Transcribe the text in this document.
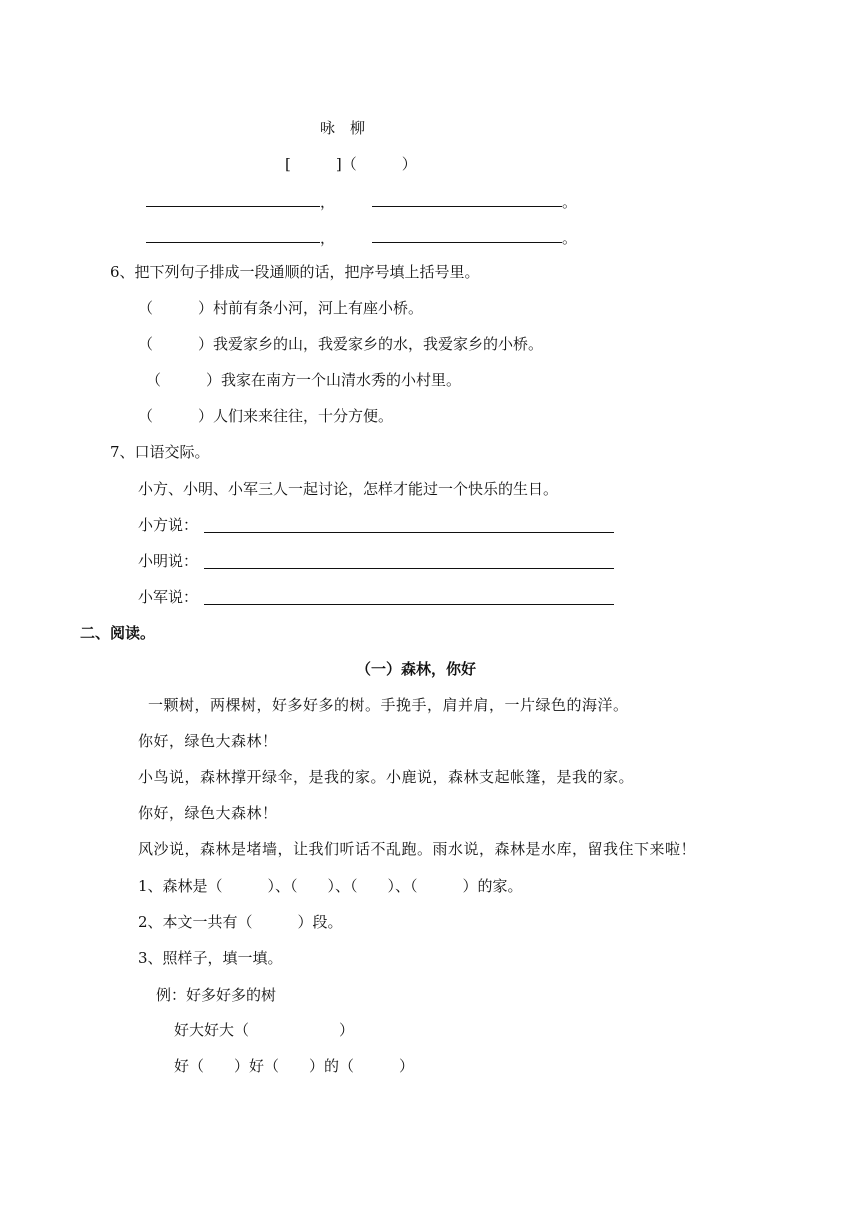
咏　柳
[　　　]（　　　）
，	。
，	。
6、把下列句子排成一段通顺的话，把序号填上括号里。
（　　　）村前有条小河，河上有座小桥。
（　　　）我爱家乡的山，我爱家乡的水，我爱家乡的小桥。
（　　　）我家在南方一个山清水秀的小村里。
（　　　）人们来来往往，十分方便。
7、口语交际。
小方、小明、小军三人一起讨论，怎样才能过一个快乐的生日。
小方说：
小明说：
小军说：
二、阅读。
（一）森林，你好
一颗树，两棵树，好多好多的树。手挽手，肩并肩，一片绿色的海洋。
你好，绿色大森林！
小鸟说，森林撑开绿伞，是我的家。小鹿说，森林支起帐篷，是我的家。
你好，绿色大森林！
风沙说，森林是堵墙，让我们听话不乱跑。雨水说，森林是水库，留我住下来啦！
1、森林是（　　　）、（　　）、（　　）、（　　　）的家。
2、本文一共有（　　　）段。
3、照样子，填一填。
例：好多好多的树
好大好大（　　　　　　）
好（　　）好（　　）的（　　　）
